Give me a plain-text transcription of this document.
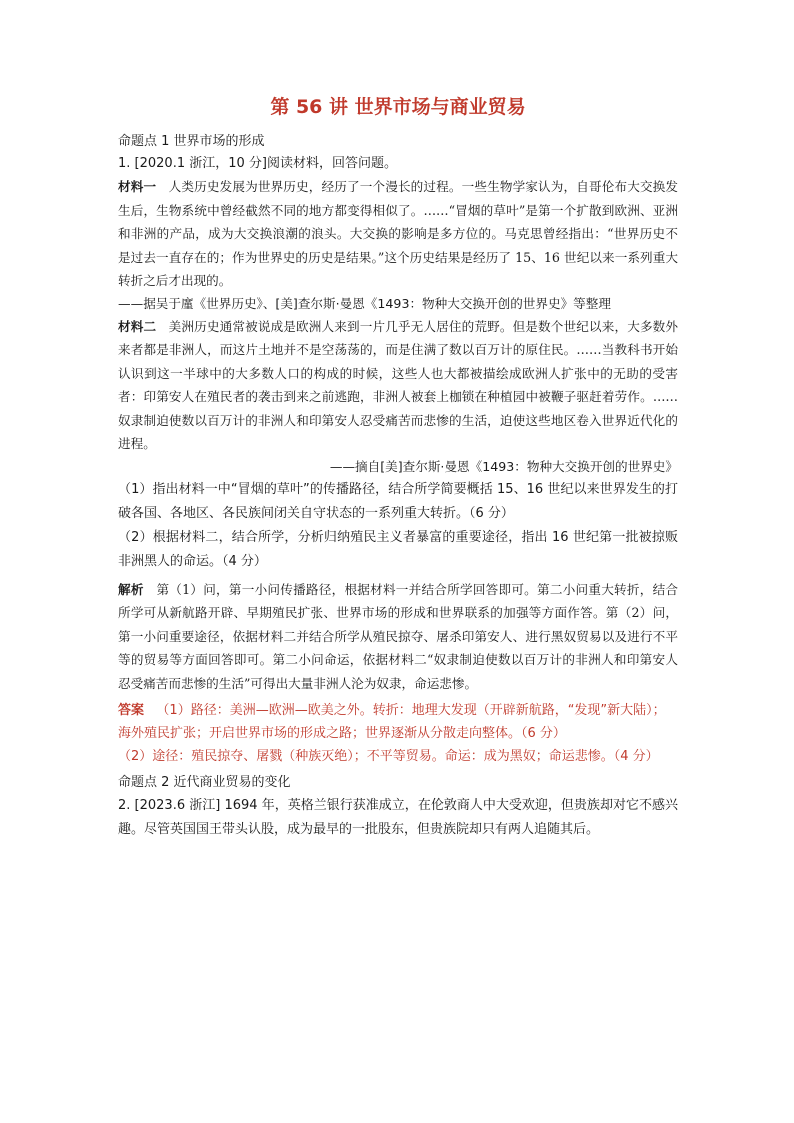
第 56 讲 世界市场与商业贸易

命题点 1 世界市场的形成

1. [2020.1 浙江，10 分]阅读材料，回答问题。

材料一 人类历史发展为世界历史，经历了一个漫长的过程。一些生物学家认为，自哥伦布大交换发生后，生物系统中曾经截然不同的地方都变得相似了。……“冒烟的草叶”是第一个扩散到欧洲、亚洲和非洲的产品，成为大交换浪潮的浪头。大交换的影响是多方位的。马克思曾经指出：“世界历史不是过去一直存在的；作为世界史的历史是结果。”这个历史结果是经历了 15、16 世纪以来一系列重大转折之后才出现的。

——据吴于廑《世界历史》、[美]查尔斯·曼恩《1493：物种大交换开创的世界史》等整理

材料二 美洲历史通常被说成是欧洲人来到一片几乎无人居住的荒野。但是数个世纪以来，大多数外来者都是非洲人，而这片土地并不是空荡荡的，而是住满了数以百万计的原住民。……当教科书开始认识到这一半球中的大多数人口的构成的时候，这些人也大都被描绘成欧洲人扩张中的无助的受害者：印第安人在殖民者的袭击到来之前逃跑，非洲人被套上枷锁在种植园中被鞭子驱赶着劳作。……奴隶制迫使数以百万计的非洲人和印第安人忍受痛苦而悲惨的生活，迫使这些地区卷入世界近代化的进程。

——摘自[美]查尔斯·曼恩《1493：物种大交换开创的世界史》

（1）指出材料一中“冒烟的草叶”的传播路径，结合所学简要概括 15、16 世纪以来世界发生的打破各国、各地区、各民族间闭关自守状态的一系列重大转折。（6 分）

（2）根据材料二，结合所学，分析归纳殖民主义者暴富的重要途径，指出 16 世纪第一批被掠贩非洲黑人的命运。（4 分）

解析 第（1）问，第一小问传播路径，根据材料一并结合所学回答即可。第二小问重大转折，结合所学可从新航路开辟、早期殖民扩张、世界市场的形成和世界联系的加强等方面作答。第（2）问，第一小问重要途径，依据材料二并结合所学从殖民掠夺、屠杀印第安人、进行黑奴贸易以及进行不平等的贸易等方面回答即可。第二小问命运，依据材料二“奴隶制迫使数以百万计的非洲人和印第安人忍受痛苦而悲惨的生活”可得出大量非洲人沦为奴隶，命运悲惨。

答案 （1）路径：美洲—欧洲—欧美之外。转折：地理大发现（开辟新航路，“发现”新大陆）；海外殖民扩张；开启世界市场的形成之路；世界逐渐从分散走向整体。（6 分）

（2）途径：殖民掠夺、屠戮（种族灭绝）；不平等贸易。命运：成为黑奴；命运悲惨。（4 分）

命题点 2 近代商业贸易的变化

2. [2023.6 浙江] 1694 年，英格兰银行获准成立，在伦敦商人中大受欢迎，但贵族却对它不感兴趣。尽管英国国王带头认股，成为最早的一批股东，但贵族院却只有两人追随其后。
